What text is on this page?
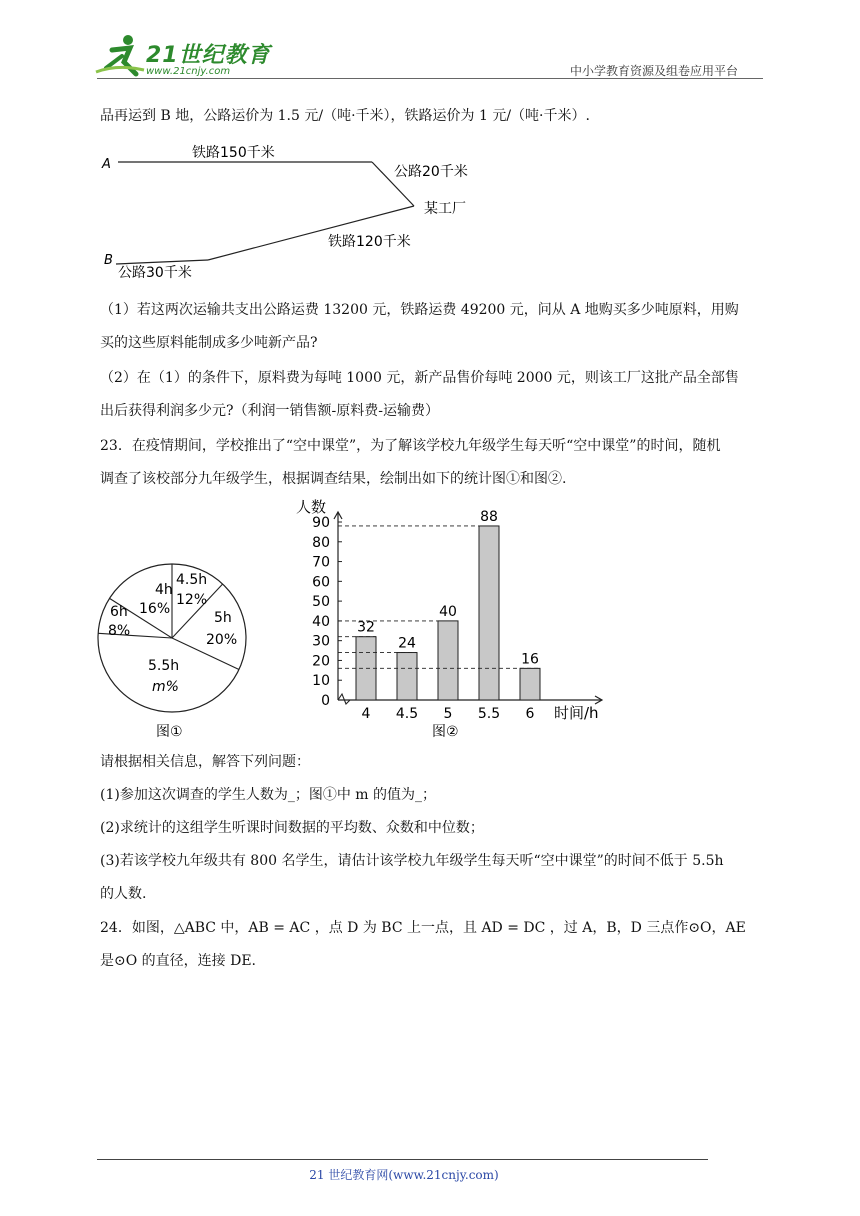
21世纪教育
www.21cnjy.com	中小学教育资源及组卷应用平台
品再运到 B 地，公路运价为 1.5 元/（吨·千米），铁路运价为 1 元/（吨·千米）.
A
B
铁路150千米
公路20千米
某工厂
铁路120千米
公路30千米
（1）若这两次运输共支出公路运费 13200 元，铁路运费 49200 元，问从 A 地购买多少吨原料，用购
买的这些原料能制成多少吨新产品?
（2）在（1）的条件下，原料费为每吨 1000 元，新产品售价每吨 2000 元，则该工厂这批产品全部售
出后获得利润多少元?（利润一销售额-原料费-运输费）
23．在疫情期间，学校推出了“空中课堂”，为了解该学校九年级学生每天听“空中课堂”的时间，随机
调查了该校部分九年级学生，根据调查结果，绘制出如下的统计图①和图②.
4h
16%
4.5h
12%
5h
20%
6h
8%
5.5h
m%
图①
0
10
20
30
40
50
60
70
80
90
32
4
24
4.5
40
5
88
5.5
16
6
人数
时间/h
图②
请根据相关信息，解答下列问题：
(1)参加这次调查的学生人数为_；图①中 m 的值为_；
(2)求统计的这组学生听课时间数据的平均数、众数和中位数；
(3)若该学校九年级共有 800 名学生，请估计该学校九年级学生每天听“空中课堂”的时间不低于 5.5h
的人数.
24．如图，△ABC 中，AB = AC ，点 D 为 BC 上一点，且 AD = DC ，过 A，B，D 三点作⊙O，AE
是⊙O 的直径，连接 DE.
21 世纪教育网(www.21cnjy.com)
